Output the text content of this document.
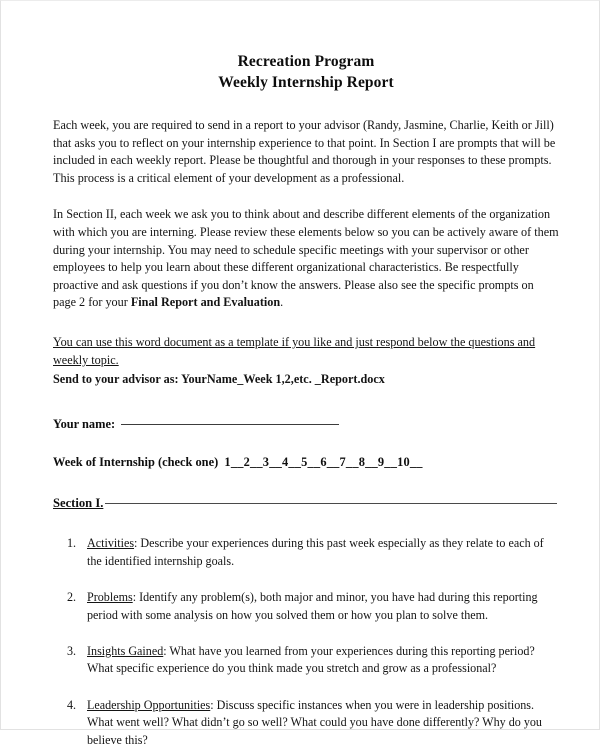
Recreation Program
Weekly Internship Report

Each week, you are required to send in a report to your advisor (Randy, Jasmine, Charlie, Keith or Jill) that asks you to reflect on your internship experience to that point. In Section I are prompts that will be included in each weekly report. Please be thoughtful and thorough in your responses to these prompts. This process is a critical element of your development as a professional.

In Section II, each week we ask you to think about and describe different elements of the organization with which you are interning. Please review these elements below so you can be actively aware of them during your internship. You may need to schedule specific meetings with your supervisor or other employees to help you learn about these different organizational characteristics. Be respectfully proactive and ask questions if you don’t know the answers. Please also see the specific prompts on page 2 for your Final Report and Evaluation.

You can use this word document as a template if you like and just respond below the questions and weekly topic.
Send to your advisor as: YourName_Week 1,2,etc. _Report.docx
Your name:
Week of Internship (check one) 1__2__3__4__5__6__7__8__9__10__
Section I.
1. Activities: Describe your experiences during this past week especially as they relate to each of the identified internship goals.
2. Problems: Identify any problem(s), both major and minor, you have had during this reporting period with some analysis on how you solved them or how you plan to solve them.
3. Insights Gained: What have you learned from your experiences during this reporting period? What specific experience do you think made you stretch and grow as a professional?
4. Leadership Opportunities: Discuss specific instances when you were in leadership positions. What went well? What didn’t go so well? What could you have done differently? Why do you believe this?
